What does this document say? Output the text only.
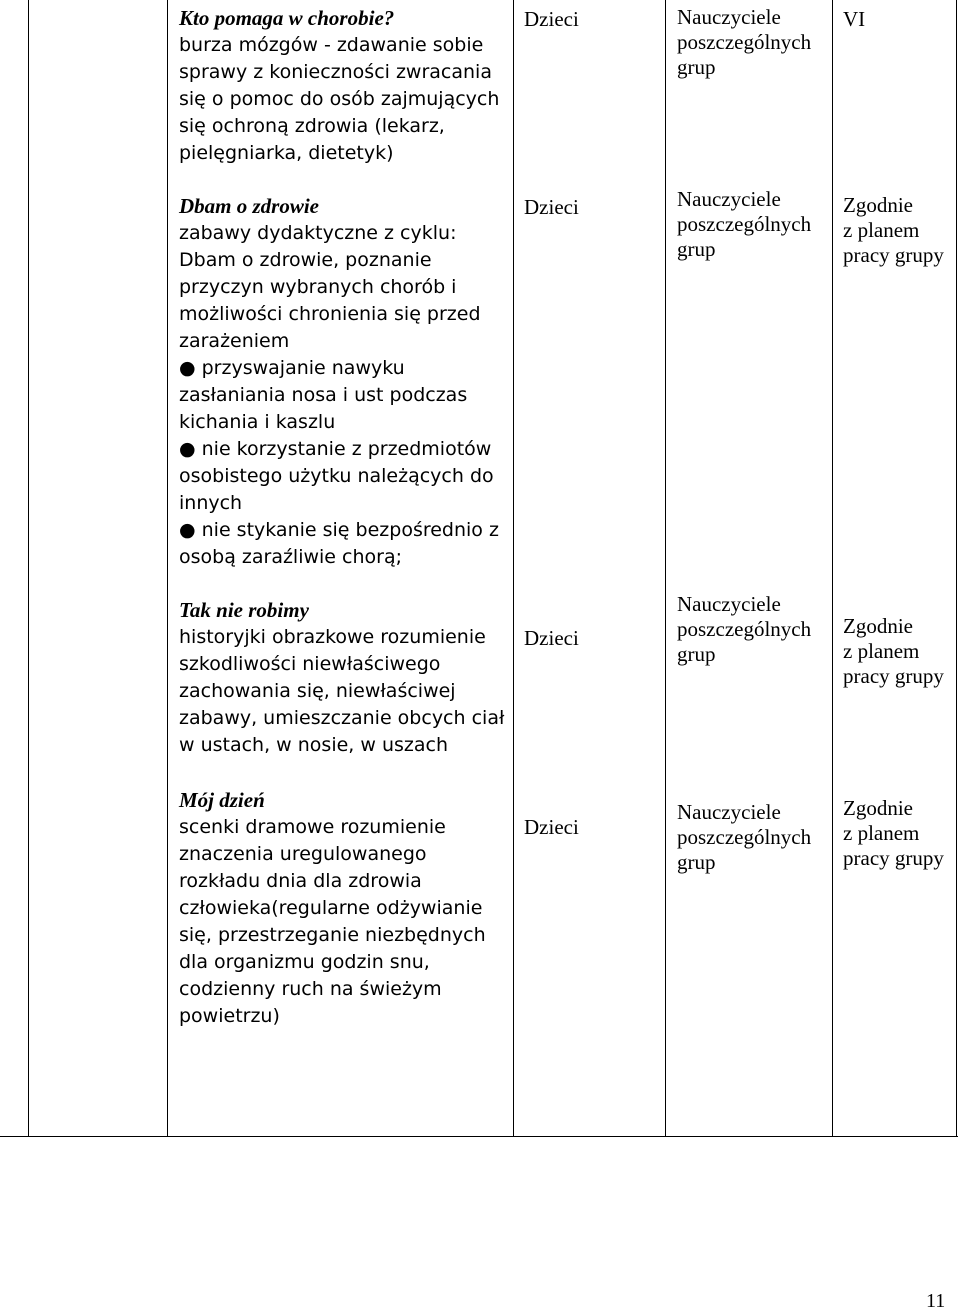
Kto pomaga w chorobie?
burza mózgów - zdawanie sobie
sprawy z konieczności zwracania
się o pomoc do osób zajmujących
się ochroną zdrowia (lekarz,
pielęgniarka, dietetyk)
Dzieci	Nauczyciele
poszczególnych
grup
VI
Dbam o zdrowie
zabawy dydaktyczne z cyklu:
Dbam o zdrowie, poznanie
przyczyn wybranych chorób i
możliwości chronienia się przed
zarażeniem
● przyswajanie nawyku
zasłaniania nosa i ust podczas
kichania i kaszlu
● nie korzystanie z przedmiotów
osobistego użytku należących do
innych
● nie stykanie się bezpośrednio z
osobą zaraźliwie chorą;
Dzieci	Nauczyciele
poszczególnych
grup
Zgodnie
z planem
pracy grupy
Tak nie robimy
historyjki obrazkowe rozumienie
szkodliwości niewłaściwego
zachowania się, niewłaściwej
zabawy, umieszczanie obcych ciał
w ustach, w nosie, w uszach
Dzieci
Nauczyciele
poszczególnych
grup
Zgodnie
z planem
pracy grupy
Mój dzień
scenki dramowe rozumienie
znaczenia uregulowanego
rozkładu dnia dla zdrowia
człowieka(regularne odżywianie
się, przestrzeganie niezbędnych
dla organizmu godzin snu,
codzienny ruch na świeżym
powietrzu)
Dzieci
Nauczyciele
poszczególnych
grup
Zgodnie
z planem
pracy grupy
11
